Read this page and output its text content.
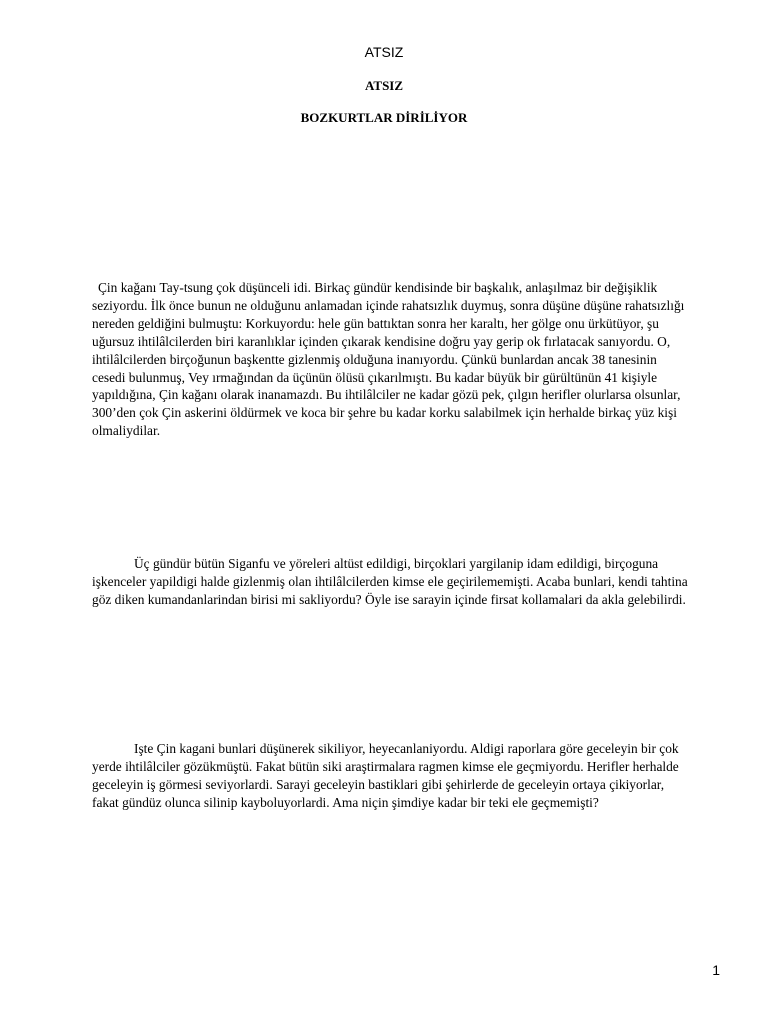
ATSIZ
ATSIZ
BOZKURTLAR DİRİLİYOR

Çin kağanı Tay-tsung çok düşünceli idi. Birkaç gündür kendisinde bir başkalık, anlaşılmaz bir değişiklik seziyordu. İlk önce bunun ne olduğunu anlamadan içinde rahatsızlık duymuş, sonra düşüne düşüne rahatsızlığı nereden geldiğini bulmuştu: Korkuyordu: hele gün battıktan sonra her karaltı, her gölge onu ürkütüyor, şu uğursuz ihtilâlcilerden biri karanlıklar içinden çıkarak kendisine doğru yay gerip ok fırlatacak sanıyordu. O, ihtilâlcilerden birçoğunun başkentte gizlenmiş olduğuna inanıyordu. Çünkü bunlardan ancak 38 tanesinin cesedi bulunmuş, Vey ırmağından da üçünün ölüsü çıkarılmıştı. Bu kadar büyük bir gürültünün 41 kişiyle yapıldığına, Çin kağanı olarak inanamazdı. Bu ihtilâlciler ne kadar gözü pek, çılgın herifler olurlarsa olsunlar, 300’den çok Çin askerini öldürmek ve koca bir şehre bu kadar korku salabilmek için herhalde birkaç yüz kişi olmaliydilar.

Üç gündür bütün Siganfu ve yöreleri altüst edildigi, birçoklari yargilanip idam edildigi, birçoguna işkenceler yapildigi halde gizlenmiş olan ihtilâlcilerden kimse ele geçirilememişti. Acaba bunlari, kendi tahtina göz diken kumandanlarindan birisi mi sakliyordu? Öyle ise sarayin içinde firsat kollamalari da akla gelebilirdi.

Işte Çin kagani bunlari düşünerek sikiliyor, heyecanlaniyordu. Aldigi raporlara göre geceleyin bir çok yerde ihtilâlciler gözükmüştü. Fakat bütün siki araştirmalara ragmen kimse ele geçmiyordu. Herifler herhalde geceleyin iş görmesi seviyorlardi. Sarayi geceleyin bastiklari gibi şehirlerde de geceleyin ortaya çikiyorlar, fakat gündüz olunca silinip kayboluyorlardi. Ama niçin şimdiye kadar bir teki ele geçmemişti?

1
